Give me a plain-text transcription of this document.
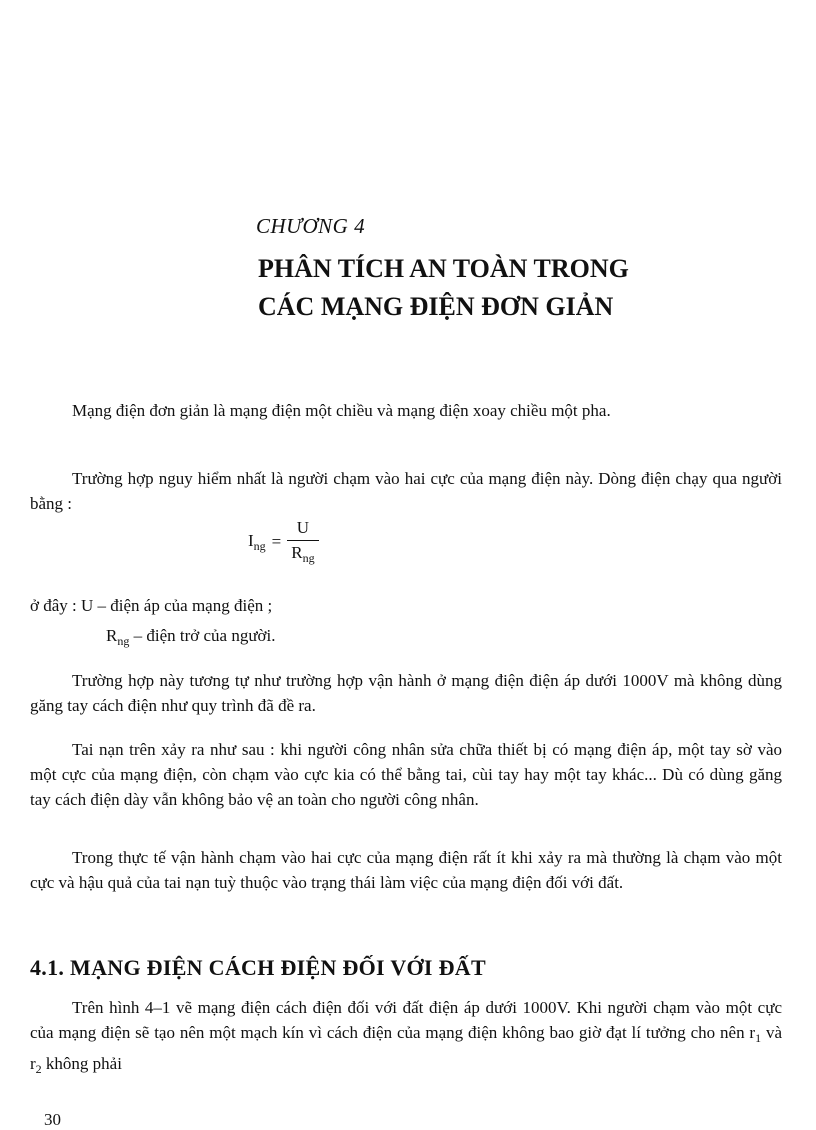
CHƯƠNG 4
PHÂN TÍCH AN TOÀN TRONG
CÁC MẠNG ĐIỆN ĐƠN GIẢN

Mạng điện đơn giản là mạng điện một chiều và mạng điện xoay chiều một pha.

Trường hợp nguy hiểm nhất là người chạm vào hai cực của mạng điện này. Dòng điện chạy qua người bằng :

$I_{ng} = \frac{U}{R_{ng}}$
ở đây : U – điện áp của mạng điện ;
$R_{ng}$ – điện trở của người.

Trường hợp này tương tự như trường hợp vận hành ở mạng điện điện áp dưới 1000V mà không dùng găng tay cách điện như quy trình đã đề ra.

Tai nạn trên xảy ra như sau : khi người công nhân sửa chữa thiết bị có mạng điện áp, một tay sờ vào một cực của mạng điện, còn chạm vào cực kia có thể bằng tai, cùi tay hay một tay khác... Dù có dùng găng tay cách điện dày vẫn không bảo vệ an toàn cho người công nhân.

Trong thực tế vận hành chạm vào hai cực của mạng điện rất ít khi xảy ra mà thường là chạm vào một cực và hậu quả của tai nạn tuỳ thuộc vào trạng thái làm việc của mạng điện đối với đất.

4.1. MẠNG ĐIỆN CÁCH ĐIỆN ĐỐI VỚI ĐẤT

Trên hình 4–1 vẽ mạng điện cách điện đối với đất điện áp dưới 1000V. Khi người chạm vào một cực của mạng điện sẽ tạo nên một mạch kín vì cách điện của mạng điện không bao giờ đạt lí tưởng cho nên $r_1$ và $r_2$ không phải

30
